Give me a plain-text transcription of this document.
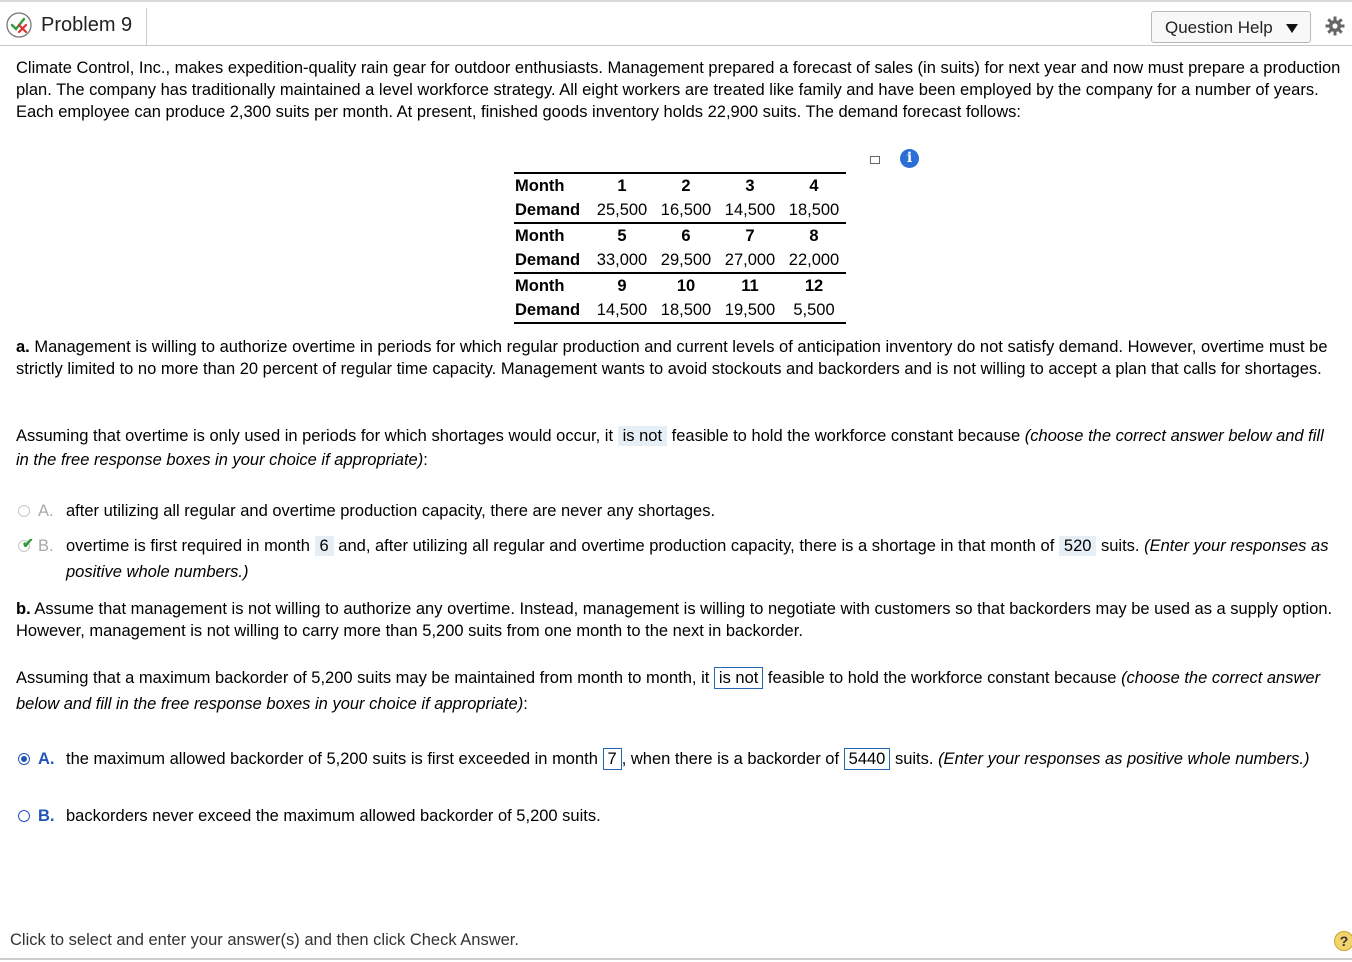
Problem 9	Question Help
Climate Control, Inc., makes expedition-quality rain gear for outdoor enthusiasts. Management prepared a forecast of sales (in suits) for next year and now must prepare a production plan. The company has traditionally maintained a level workforce strategy. All eight workers are treated like family and have been employed by the company for a number of years. Each employee can produce 2,300 suits per month. At present, finished goods inventory holds 22,900 suits. The demand forecast follows:
i
Month	1	2	3	4
Demand	25,500	16,500	14,500	18,500
Month	5	6	7	8
Demand	33,000	29,500	27,000	22,000
Month	9	10	11	12
Demand	14,500	18,500	19,500	5,500
a. Management is willing to authorize overtime in periods for which regular production and current levels of anticipation inventory do not satisfy demand. However, overtime must be strictly limited to no more than 20 percent of regular time capacity. Management wants to avoid stockouts and backorders and is not willing to accept a plan that calls for shortages.
Assuming that overtime is only used in periods for which shortages would occur, it is not feasible to hold the workforce constant because (choose the correct answer below and fill in the free response boxes in your choice if appropriate):
A. after utilizing all regular and overtime production capacity, there are never any shortages.
✔ B. overtime is first required in month 6 and, after utilizing all regular and overtime production capacity, there is a shortage in that month of 520 suits. (Enter your responses as positive whole numbers.)
b. Assume that management is not willing to authorize any overtime. Instead, management is willing to negotiate with customers so that backorders may be used as a supply option. However, management is not willing to carry more than 5,200 suits from one month to the next in backorder.
Assuming that a maximum backorder of 5,200 suits may be maintained from month to month, it is not feasible to hold the workforce constant because (choose the correct answer below and fill in the free response boxes in your choice if appropriate):
A. the maximum allowed backorder of 5,200 suits is first exceeded in month 7 , when there is a backorder of 5440 suits. (Enter your responses as positive whole numbers.)
B. backorders never exceed the maximum allowed backorder of 5,200 suits.
Click to select and enter your answer(s) and then click Check Answer.	?
